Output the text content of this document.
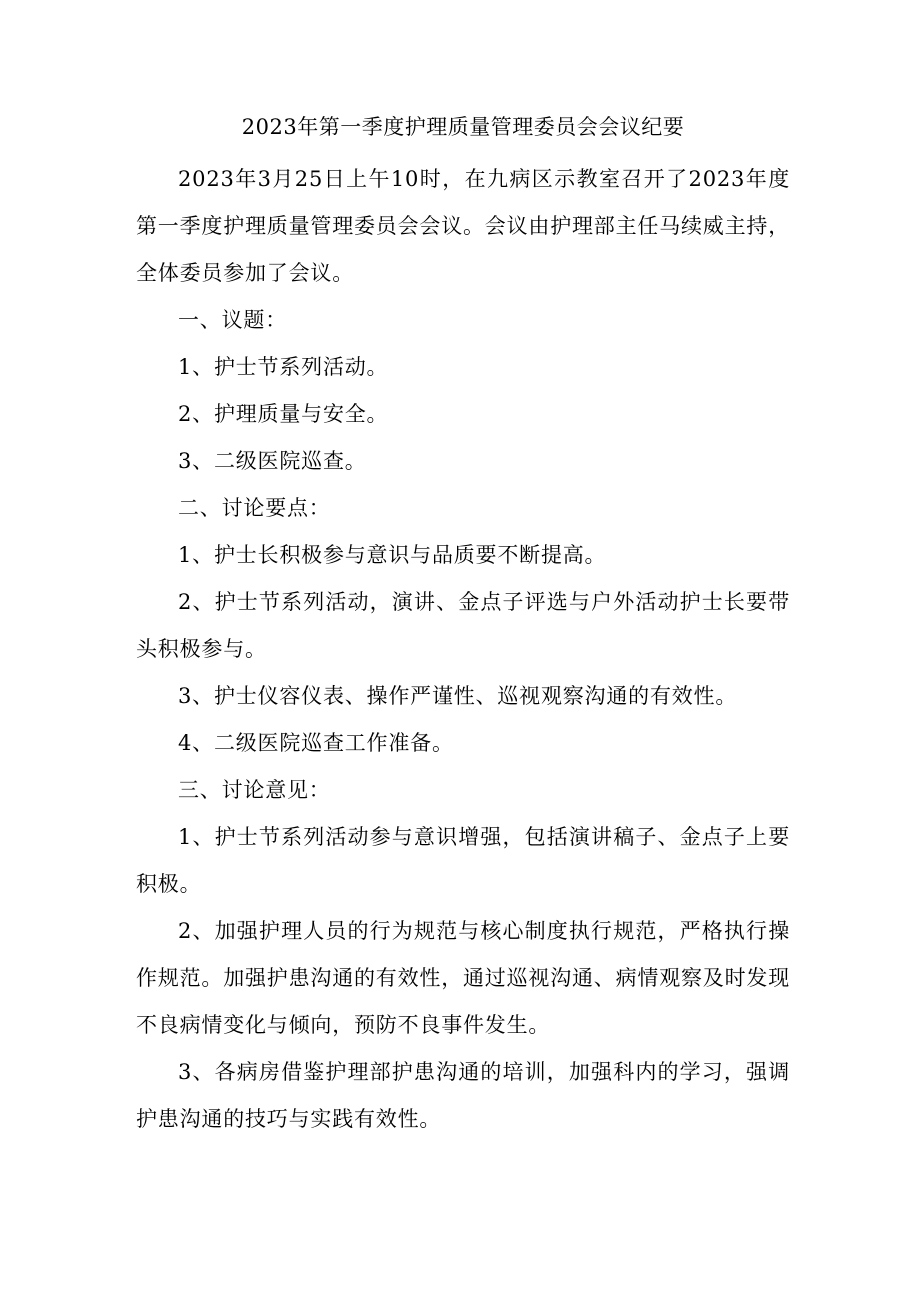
2023年第一季度护理质量管理委员会会议纪要

2023年3月25日上午10时，在九病区示教室召开了2023年度第一季度护理质量管理委员会会议。会议由护理部主任马续威主持，全体委员参加了会议。

一、议题：

1、护士节系列活动。

2、护理质量与安全。

3、二级医院巡查。

二、讨论要点：

1、护士长积极参与意识与品质要不断提高。

2、护士节系列活动，演讲、金点子评选与户外活动护士长要带头积极参与。

3、护士仪容仪表、操作严谨性、巡视观察沟通的有效性。

4、二级医院巡查工作准备。

三、讨论意见：

1、护士节系列活动参与意识增强，包括演讲稿子、金点子上要积极。

2、加强护理人员的行为规范与核心制度执行规范，严格执行操作规范。加强护患沟通的有效性，通过巡视沟通、病情观察及时发现不良病情变化与倾向，预防不良事件发生。

3、各病房借鉴护理部护患沟通的培训，加强科内的学习，强调护患沟通的技巧与实践有效性。
